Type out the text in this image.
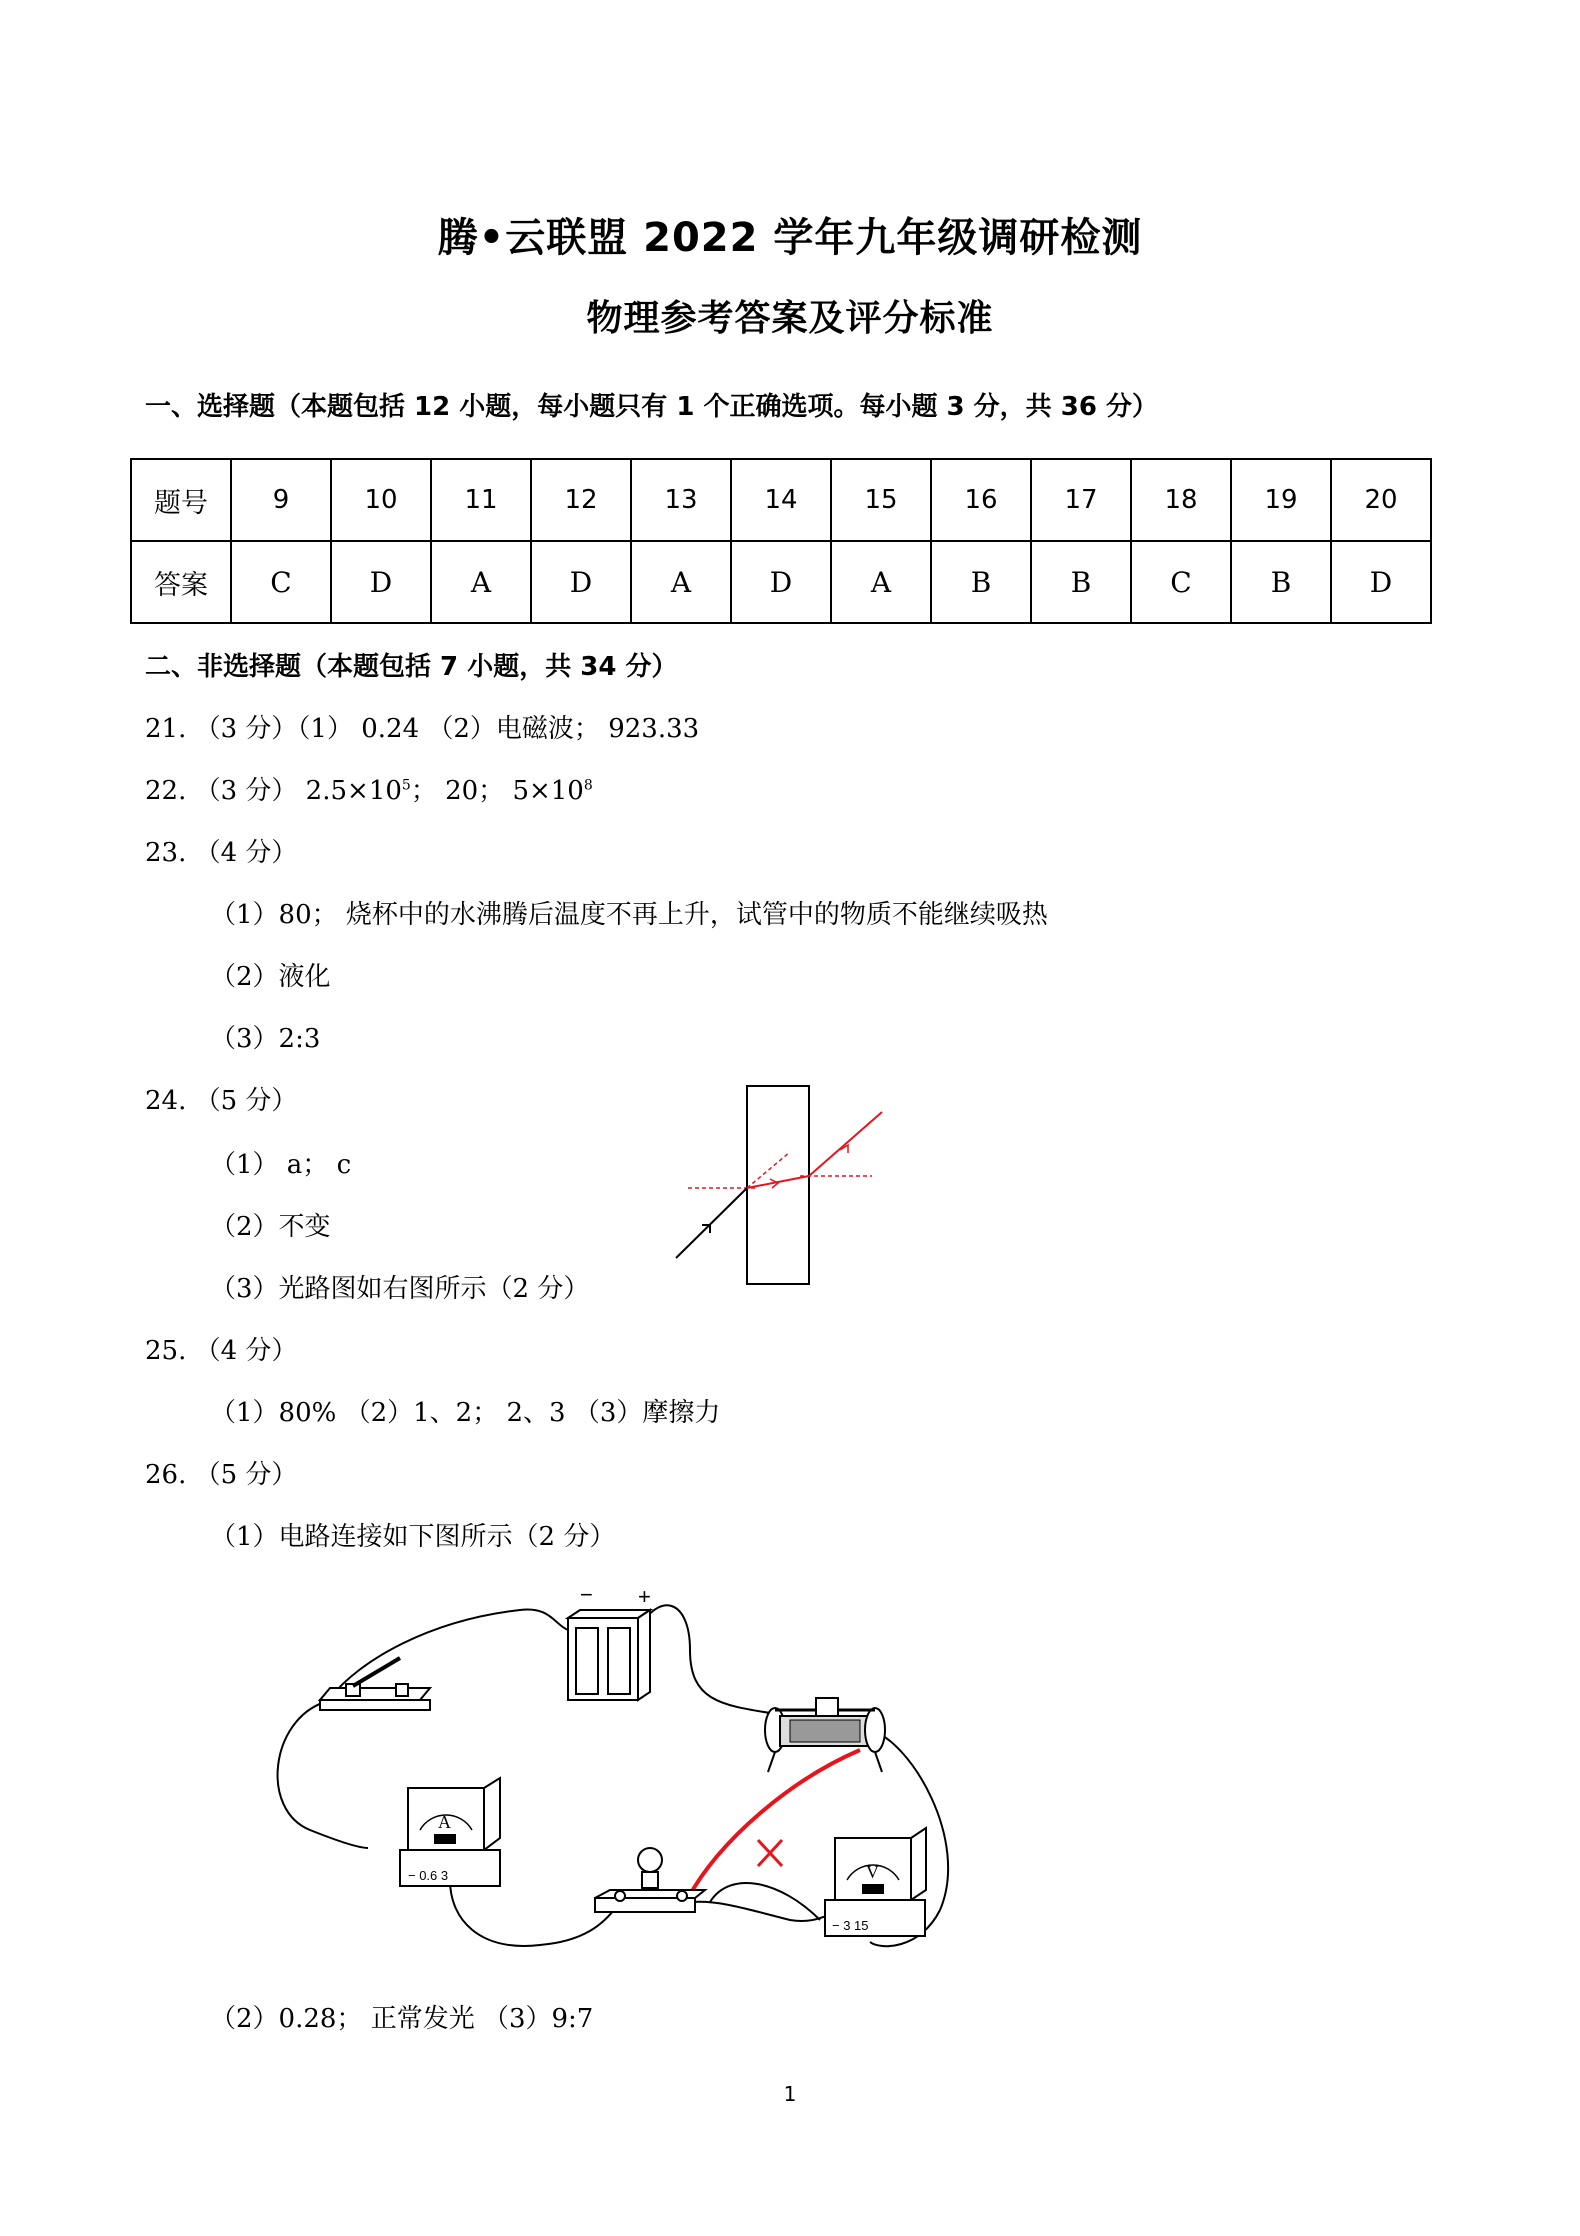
腾•云联盟 2022 学年九年级调研检测
物理参考答案及评分标准
一、选择题（本题包括 12 小题，每小题只有 1 个正确选项。每小题 3 分，共 36 分）
题号	9	10	11	12	13	14	15	16	17	18	19	20
答案	C	D	A	D	A	D	A	B	B	C	B	D
二、非选择题（本题包括 7 小题，共 34 分）
21. （3 分）（1） 0.24 （2）电磁波； 923.33
22. （3 分） $2.5\times 10^5$； 20； $5\times 10^8$
23. （4 分）
（1）80； 烧杯中的水沸腾后温度不再上升，试管中的物质不能继续吸热
（2）液化
（3）2:3
24. （5 分）
（1） a； c
（2）不变
（3）光路图如右图所示（2 分）
25. （4 分）
（1）80% （2）1、2； 2、3 （3）摩擦力
26. （5 分）
（1）电路连接如下图所示（2 分）
− +
A
− 0.6 3	V
− 3 15
（2）0.28； 正常发光 （3）9:7
1
